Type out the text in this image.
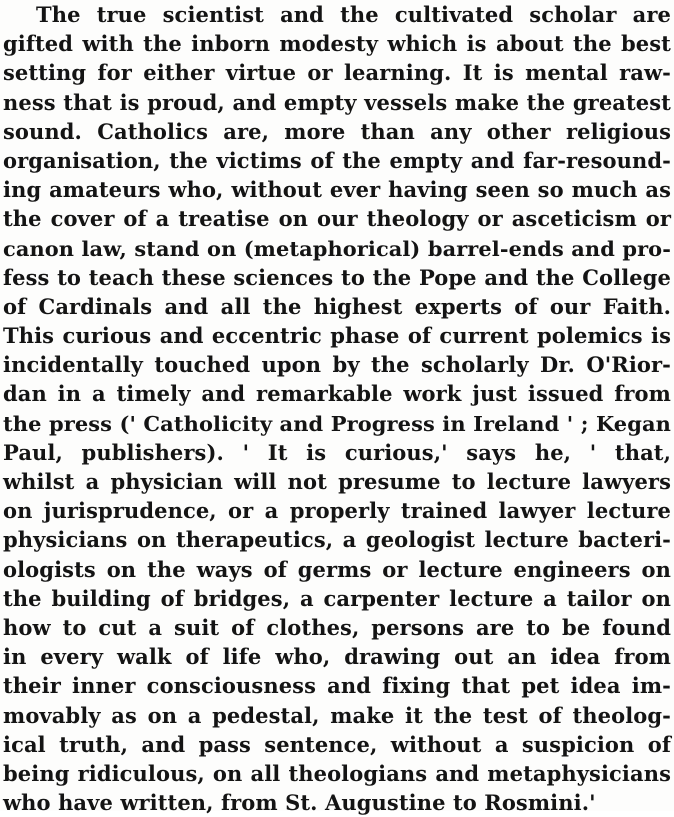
The true scientist and the cultivated scholar are
gifted with the inborn modesty which is about the best
setting for either virtue or learning. It is mental raw-
ness that is proud, and empty vessels make the greatest
sound. Catholics are, more than any other religious
organisation, the victims of the empty and far-resound-
ing amateurs who, without ever having seen so much as
the cover of a treatise on our theology or asceticism or
canon law, stand on (metaphorical) barrel-ends and pro-
fess to teach these sciences to the Pope and the College
of Cardinals and all the highest experts of our Faith.
This curious and eccentric phase of current polemics is
incidentally touched upon by the scholarly Dr. O'Rior-
dan in a timely and remarkable work just issued from
the press (' Catholicity and Progress in Ireland ' ; Kegan
Paul, publishers). ' It is curious,' says he, ' that,
whilst a physician will not presume to lecture lawyers
on jurisprudence, or a properly trained lawyer lecture
physicians on therapeutics, a geologist lecture bacteri-
ologists on the ways of germs or lecture engineers on
the building of bridges, a carpenter lecture a tailor on
how to cut a suit of clothes, persons are to be found
in every walk of life who, drawing out an idea from
their inner consciousness and fixing that pet idea im-
movably as on a pedestal, make it the test of theolog-
ical truth, and pass sentence, without a suspicion of
being ridiculous, on all theologians and metaphysicians
who have written, from St. Augustine to Rosmini.'
